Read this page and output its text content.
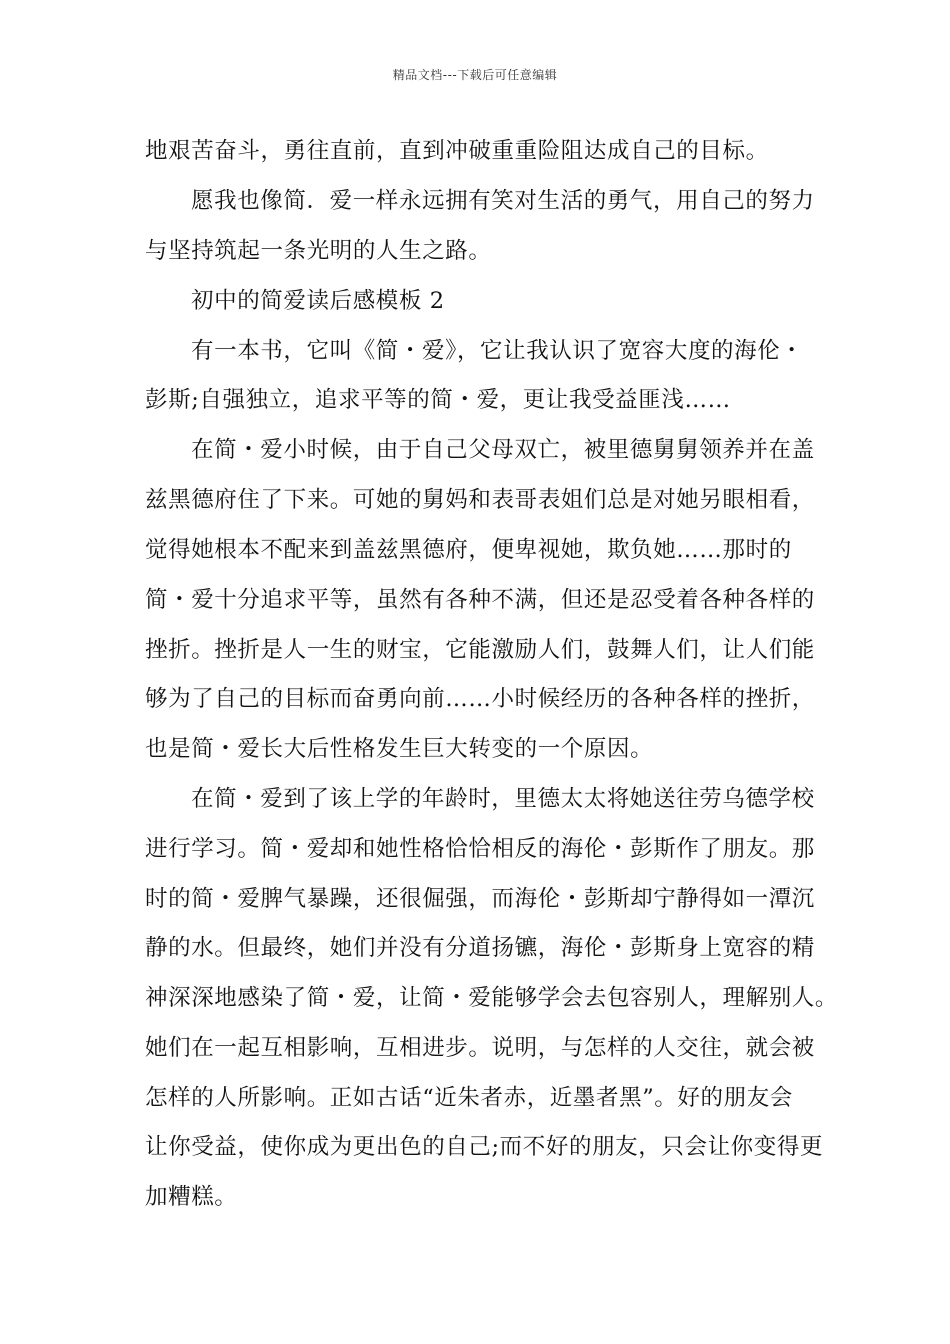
精品文档---下载后可任意编辑
地艰苦奋斗，勇往直前，直到冲破重重险阻达成自己的目标。
愿我也像简．爱一样永远拥有笑对生活的勇气，用自己的努力
与坚持筑起一条光明的人生之路。
初中的简爱读后感模板 2
有一本书，它叫《简・爱》，它让我认识了宽容大度的海伦・
彭斯;自强独立，追求平等的简・爱，更让我受益匪浅……
在简・爱小时候，由于自己父母双亡，被里德舅舅领养并在盖
兹黑德府住了下来。可她的舅妈和表哥表姐们总是对她另眼相看，
觉得她根本不配来到盖兹黑德府，便卑视她，欺负她……那时的
简・爱十分追求平等，虽然有各种不满，但还是忍受着各种各样的
挫折。挫折是人一生的财宝，它能激励人们，鼓舞人们，让人们能
够为了自己的目标而奋勇向前……小时候经历的各种各样的挫折，
也是简・爱长大后性格发生巨大转变的一个原因。
在简・爱到了该上学的年龄时，里德太太将她送往劳乌德学校
进行学习。简・爱却和她性格恰恰相反的海伦・彭斯作了朋友。那
时的简・爱脾气暴躁，还很倔强，而海伦・彭斯却宁静得如一潭沉
静的水。但最终，她们并没有分道扬镳，海伦・彭斯身上宽容的精
神深深地感染了简・爱，让简・爱能够学会去包容别人，理解别人。
她们在一起互相影响，互相进步。说明，与怎样的人交往，就会被
怎样的人所影响。正如古话“近朱者赤，近墨者黑”。好的朋友会
让你受益，使你成为更出色的自己;而不好的朋友，只会让你变得更
加糟糕。
